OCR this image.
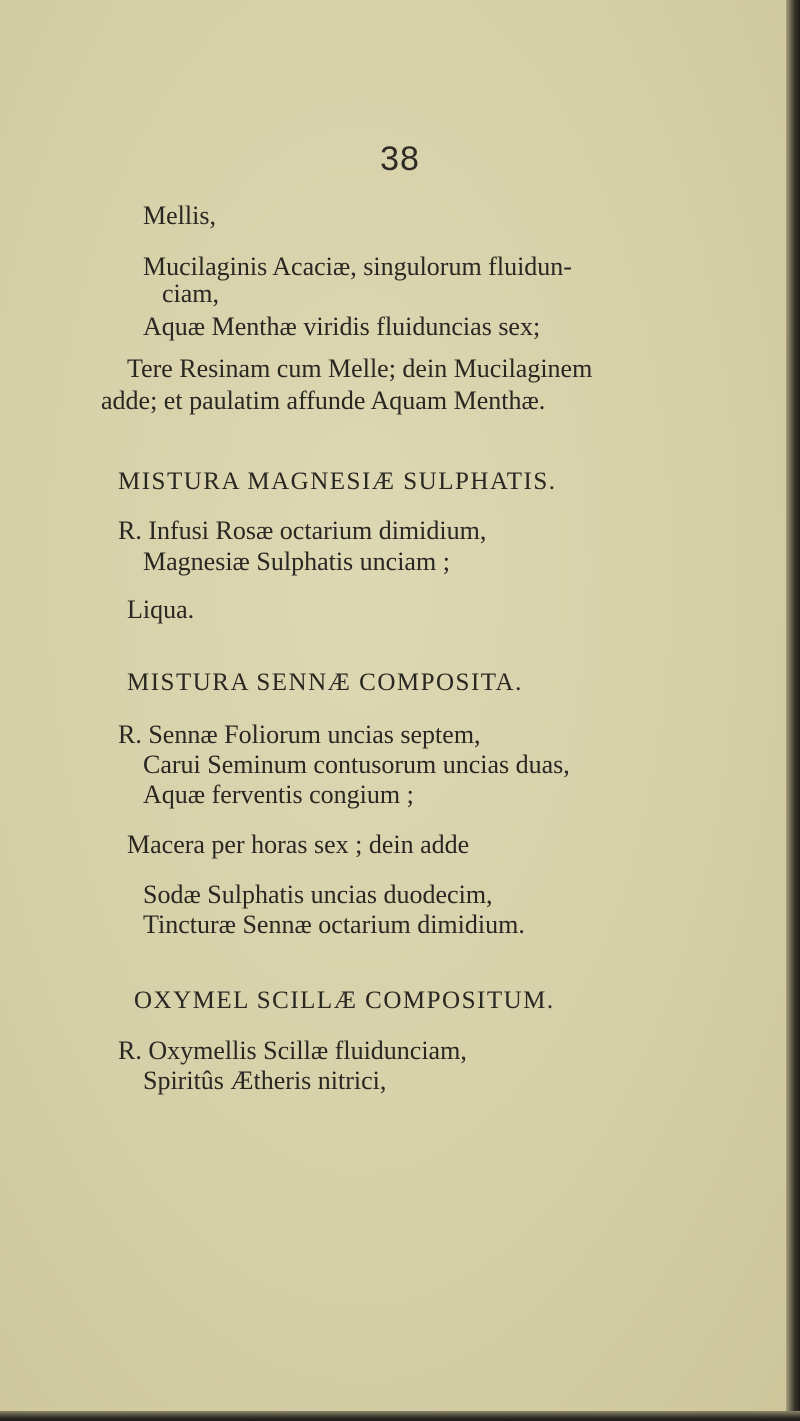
38
Mellis,
Mucilaginis Acaciæ, singulorum fluidun-
ciam,
Aquæ Menthæ viridis fluiduncias sex;
Tere Resinam cum Melle; dein Mucilaginem
adde; et paulatim affunde Aquam Menthæ.
MISTURA MAGNESIÆ SULPHATIS.
R. Infusi Rosæ octarium dimidium,
Magnesiæ Sulphatis unciam ;
Liqua.
MISTURA SENNÆ COMPOSITA.
R. Sennæ Foliorum uncias septem,
Carui Seminum contusorum uncias duas,
Aquæ ferventis congium ;
Macera per horas sex ; dein adde
Sodæ Sulphatis uncias duodecim,
Tincturæ Sennæ octarium dimidium.
OXYMEL SCILLÆ COMPOSITUM.
R. Oxymellis Scillæ fluidunciam,
Spiritûs Ætheris nitrici,
